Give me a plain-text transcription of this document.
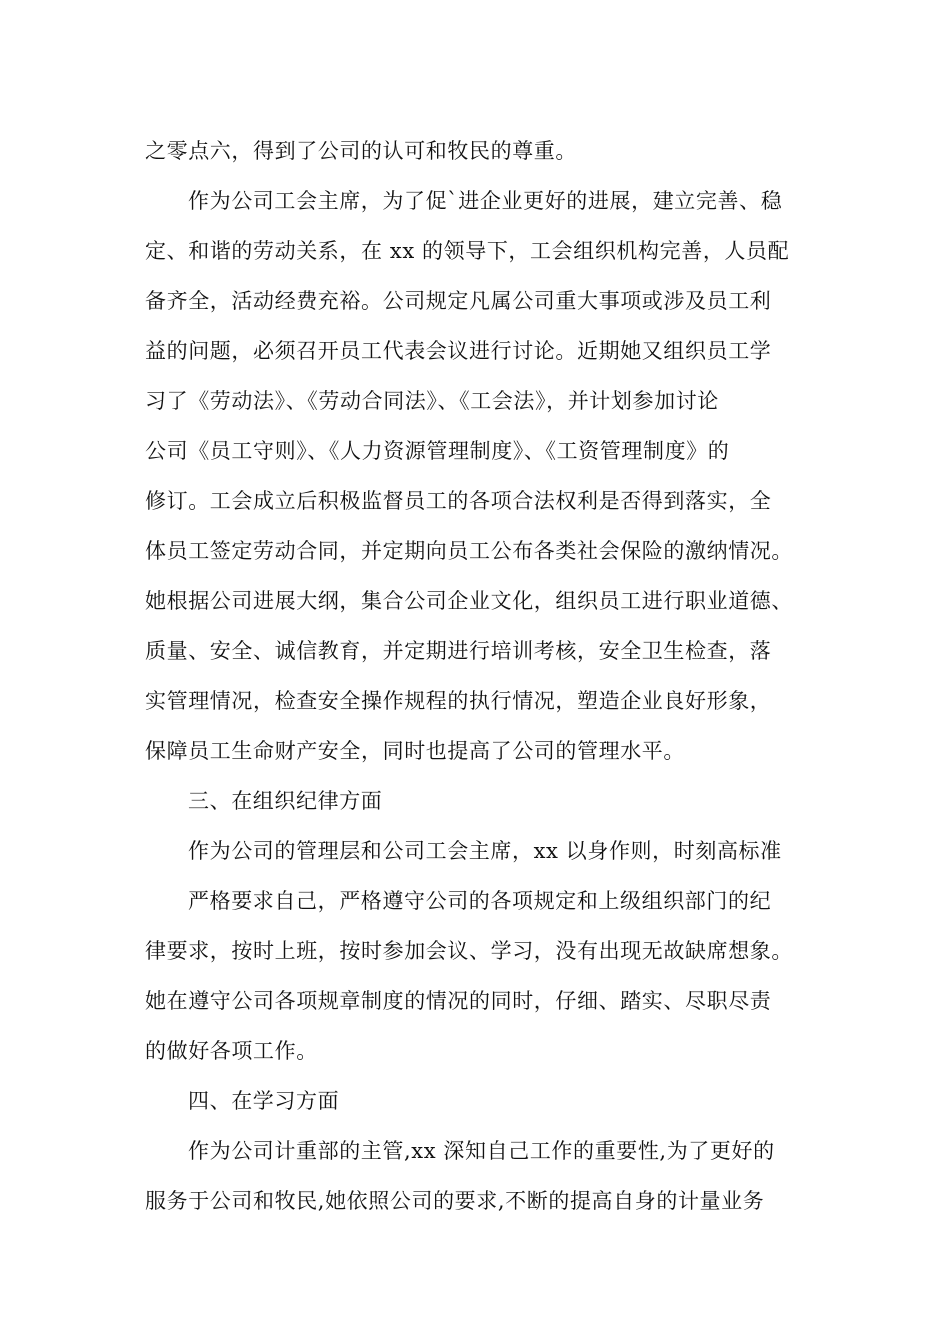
之零点六，得到了公司的认可和牧民的尊重。
作为公司工会主席，为了促`进企业更好的进展，建立完善、稳
定、和谐的劳动关系，在 xx 的领导下，工会组织机构完善，人员配
备齐全，活动经费充裕。公司规定凡属公司重大事项或涉及员工利
益的问题，必须召开员工代表会议进行讨论。近期她又组织员工学
习了《劳动法》、《劳动合同法》、《工会法》，并计划参加讨论
公司《员工守则》、《人力资源管理制度》、《工资管理制度》的
修订。工会成立后积极监督员工的各项合法权利是否得到落实，全
体员工签定劳动合同，并定期向员工公布各类社会保险的激纳情况。
她根据公司进展大纲，集合公司企业文化，组织员工进行职业道德、
质量、安全、诚信教育，并定期进行培训考核，安全卫生检查，落
实管理情况，检查安全操作规程的执行情况，塑造企业良好形象，
保障员工生命财产安全，同时也提高了公司的管理水平。
三、在组织纪律方面
作为公司的管理层和公司工会主席，xx 以身作则，时刻高标准
严格要求自己，严格遵守公司的各项规定和上级组织部门的纪
律要求，按时上班，按时参加会议、学习，没有出现无故缺席想象。
她在遵守公司各项规章制度的情况的同时，仔细、踏实、尽职尽责
的做好各项工作。
四、在学习方面
作为公司计重部的主管,xx 深知自己工作的重要性,为了更好的
服务于公司和牧民,她依照公司的要求,不断的提高自身的计量业务
